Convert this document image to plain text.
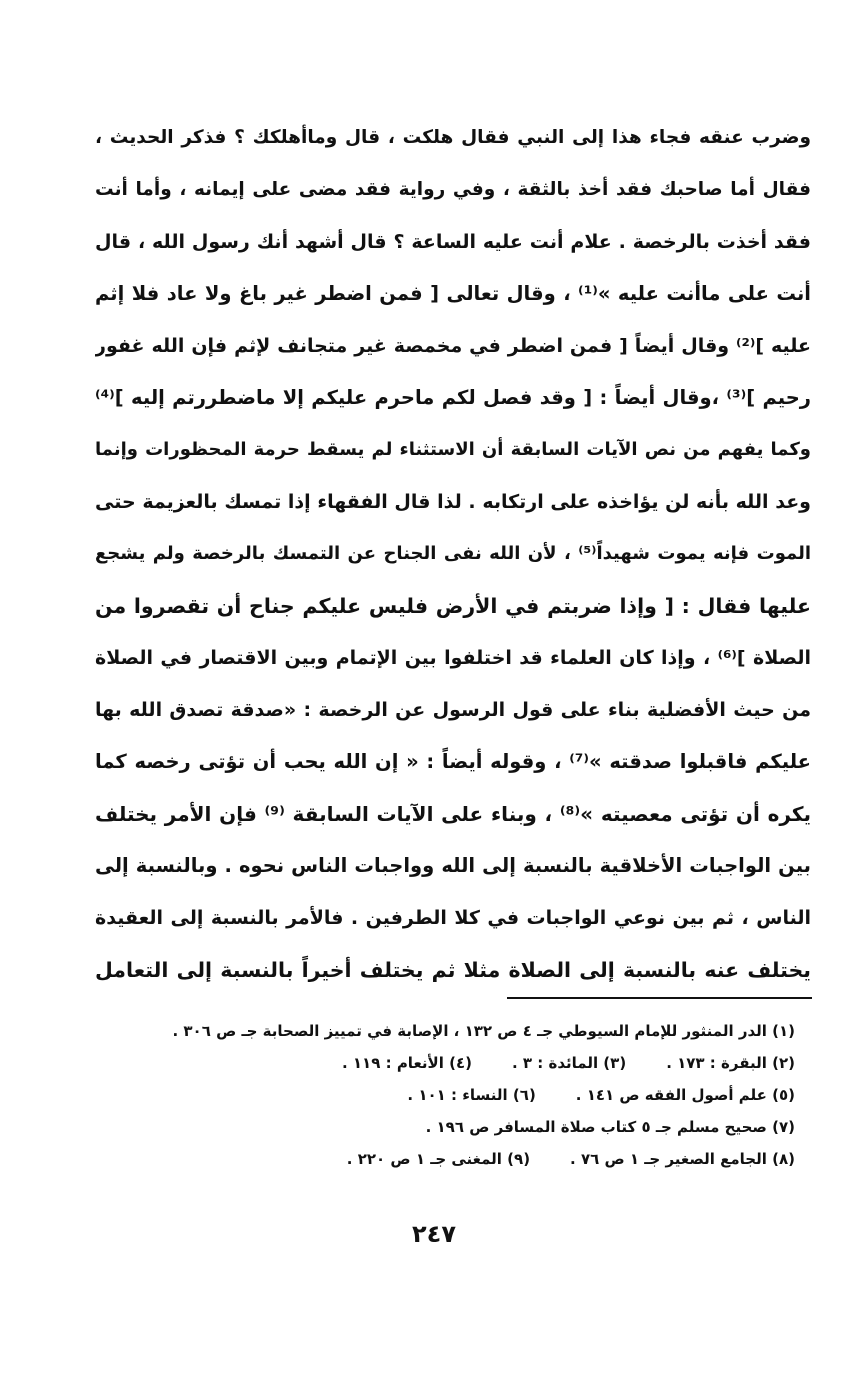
وضرب عنقه فجاء هذا إلى النبي فقال هلكت ، قال وماأهلكك ؟ فذكر الحديث ،
فقال أما صاحبك فقد أخذ بالثقة ، وفي رواية فقد مضى على إيمانه ، وأما أنت
فقد أخذت بالرخصة . علام أنت عليه الساعة ؟ قال أشهد أنك رسول الله ، قال
أنت على ماأنت عليه »⁽¹⁾ ، وقال تعالى [ فمن اضطر غير باغ ولا عاد فلا إثم
عليه ]⁽²⁾ وقال أيضاً [ فمن اضطر في مخمصة غير متجانف لإثم فإن الله غفور
رحيم ]⁽³⁾ ،وقال أيضاً : [ وقد فصل لكم ماحرم عليكم إلا ماضطررتم إليه ]⁽⁴⁾
وكما يفهم من نص الآيات السابقة أن الاستثناء لم يسقط حرمة المحظورات وإنما
وعد الله بأنه لن يؤاخذه على ارتكابه . لذا قال الفقهاء إذا تمسك بالعزيمة حتى
الموت فإنه يموت شهيداً⁽⁵⁾ ، لأن الله نفى الجناح عن التمسك بالرخصة ولم يشجع
عليها فقال : [ وإذا ضربتم في الأرض فليس عليكم جناح أن تقصروا من
الصلاة ]⁽⁶⁾ ، وإذا كان العلماء قد اختلفوا بين الإتمام وبين الاقتصار في الصلاة
من حيث الأفضلية بناء على قول الرسول عن الرخصة : «صدقة تصدق الله بها
عليكم فاقبلوا صدقته »⁽⁷⁾ ، وقوله أيضاً : « إن الله يحب أن تؤتى رخصه كما
يكره أن تؤتى معصيته »⁽⁸⁾ ، وبناء على الآيات السابقة ⁽⁹⁾ فإن الأمر يختلف
بين الواجبات الأخلاقية بالنسبة إلى الله وواجبات الناس نحوه . وبالنسبة إلى
الناس ، ثم بين نوعي الواجبات في كلا الطرفين . فالأمر بالنسبة إلى العقيدة
يختلف عنه بالنسبة إلى الصلاة مثلا ثم يختلف أخيراً بالنسبة إلى التعامل
(١) الدر المنثور للإمام السيوطي جـ ٤ ص ١٣٢ ، الإصابة في تمييز الصحابة جـ ص ٣٠٦ .
(٢) البقرة : ١٧٣ .(٣) المائدة : ٣ .(٤) الأنعام : ١١٩ .
(٥) علم أصول الفقه ص ١٤١ .(٦) النساء : ١٠١ .
(٧) صحيح مسلم جـ ٥ كتاب صلاة المسافر ص ١٩٦ .
(٨) الجامع الصغير جـ ١ ص ٧٦ .(٩) المغنى جـ ١ ص ٢٢٠ .
٢٤٧
